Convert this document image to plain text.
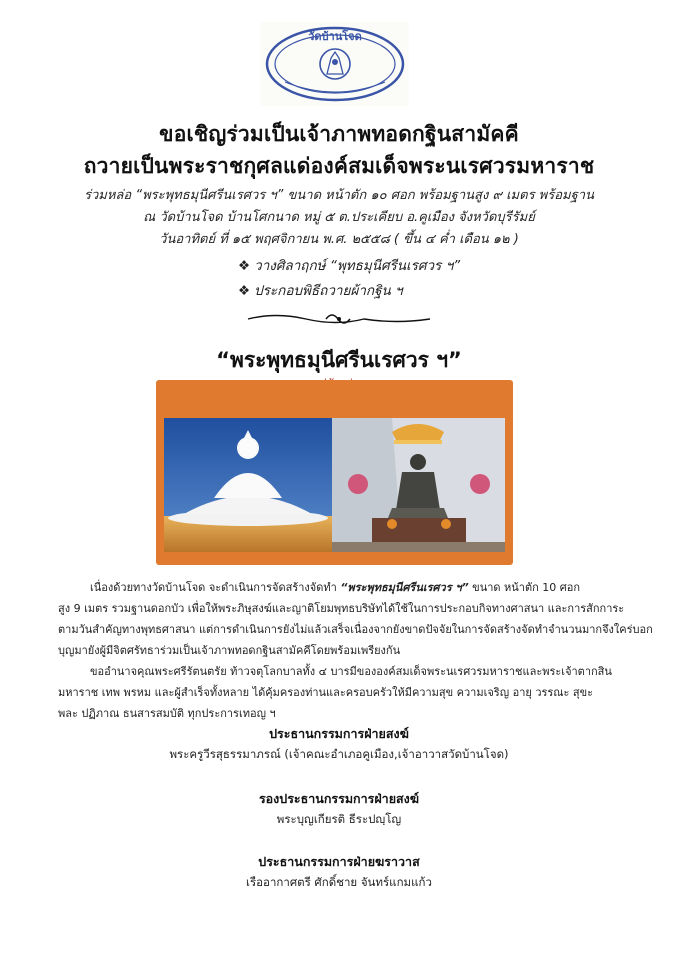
วัดบ้านโจด
ขอเชิญร่วมเป็นเจ้าภาพทอดกฐินสามัคคี
ถวายเป็นพระราชกุศลแด่องค์สมเด็จพระนเรศวรมหาราช
ร่วมหล่อ “พระพุทธมุนีศรีนเรศวร ฯ” ขนาด หน้าตัก ๑๐ ศอก พร้อมฐานสูง ๙ เมตร พร้อมฐาน
ณ วัดบ้านโจด บ้านโศกนาด หมู่ ๕ ต.ประเคียบ อ.คูเมือง จังหวัดบุรีรัมย์
วันอาทิตย์ ที่ ๑๕ พฤศจิกายน พ.ศ. ๒๕๕๘ ( ขึ้น ๔ ค่ำ เดือน ๑๒ )
❖ วางศิลาฤกษ์ “พุทธมุนีศรีนเรศวร ฯ”
❖ ประกอบพิธีถวายผ้ากฐิน ฯ
“พระพุทธมุนีศรีนเรศวร ฯ”
เนื่องด้วยทางวัดบ้านโจด จะดำเนินการจัดสร้างจัดทำ “พระพุทธมุนีศรีนเรศวร ฯ” ขนาด หน้าตัก 10 ศอก
สูง 9 เมตร รวมฐานดอกบัว เพื่อให้พระภิษุสงฆ์และญาติโยมพุทธบริษัทได้ใช้ในการประกอบกิจทางศาสนา และการสักการะ
ตามวันสำคัญทางพุทธศาสนา แต่การดำเนินการยังไม่แล้วเสร็จเนื่องจากยังขาดปัจจัยในการจัดสร้างจัดทำจำนวนมากจึงใคร่บอก
บุญมายังผู้มีจิตศรัทธาร่วมเป็นเจ้าภาพทอดกฐินสามัคคีโดยพร้อมเพรียงกัน
ขออำนาจคุณพระศรีรัตนตรัย ท้าวจตุโลกบาลทั้ง ๔ บารมีขององค์สมเด็จพระนเรศวรมหาราชและพระเจ้าตากสิน
มหาราช เทพ พรหม และผู้สำเร็จทั้งหลาย ได้คุ้มครองท่านและครอบครัวให้มีความสุข ความเจริญ อายุ วรรณะ สุขะ
พละ ปฏิภาณ ธนสารสมบัติ ทุกประการเทอญ ฯ
ประธานกรรมการฝ่ายสงฆ์
พระครูวีรสุธรรมาภรณ์ (เจ้าคณะอำเภอคูเมือง,เจ้าอาวาสวัดบ้านโจด)
รองประธานกรรมการฝ่ายสงฆ์
พระบุญเกียรติ ธีระปญฺโญ
ประธานกรรมการฝ่ายฆราวาส
เรืออากาศตรี ศักดิ์ชาย จันทร์แกมแก้ว
